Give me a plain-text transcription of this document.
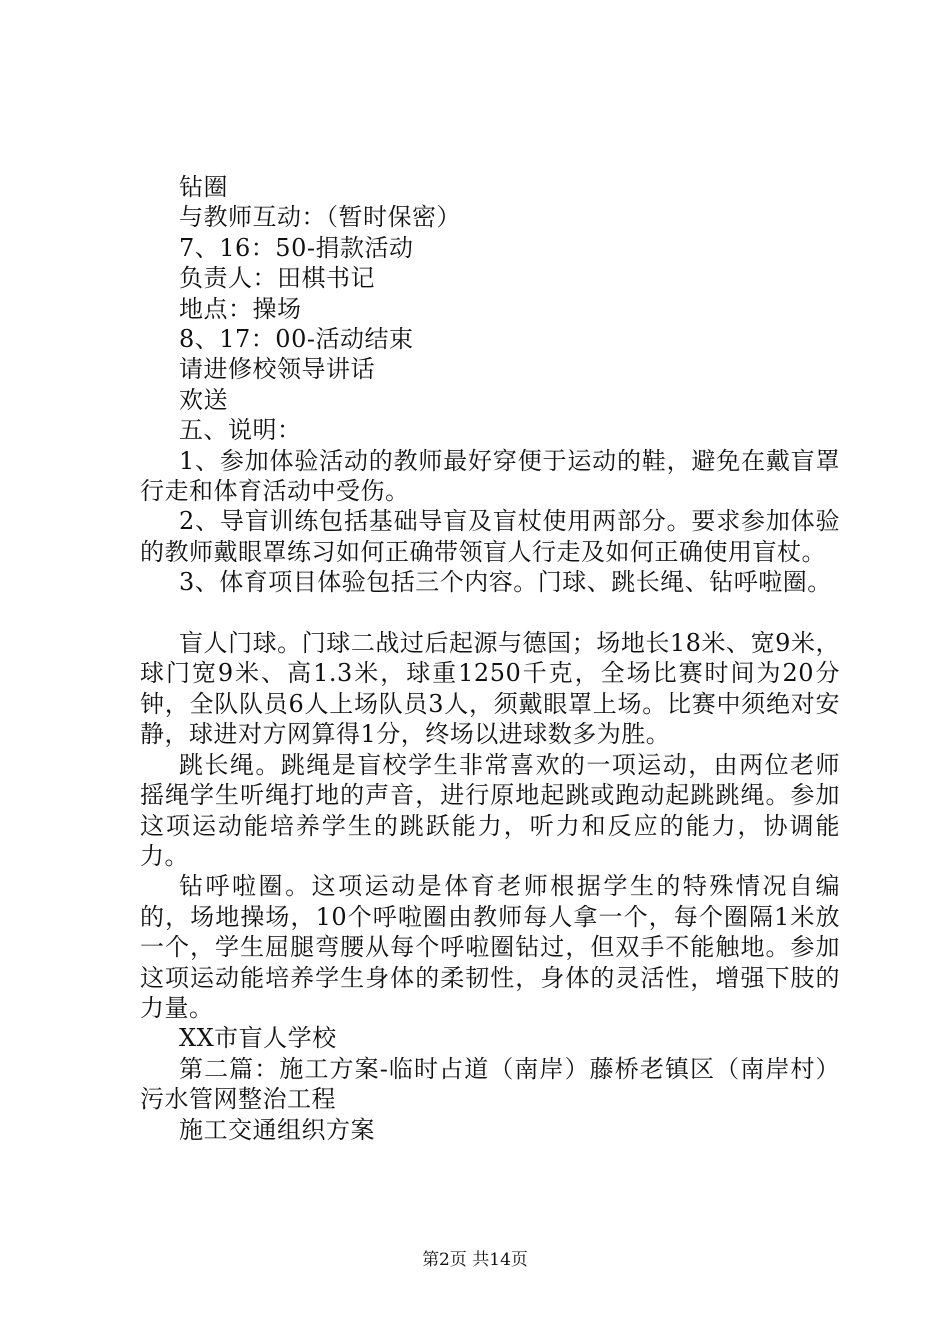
钻圈
与教师互动：（暂时保密）
7、16：50-捐款活动
负责人：田棋书记
地点：操场
8、17：00-活动结束
请进修校领导讲话
欢送
五、说明：

1、参加体验活动的教师最好穿便于运动的鞋，避免在戴盲罩行走和体育活动中受伤。

2、导盲训练包括基础导盲及盲杖使用两部分。要求参加体验的教师戴眼罩练习如何正确带领盲人行走及如何正确使用盲杖。

3、体育项目体验包括三个内容。门球、跳长绳、钻呼啦圈。

盲人门球。门球二战过后起源与德国；场地长18米、宽9米，球门宽9米、高1.3米，球重1250千克，全场比赛时间为20分钟，全队队员6人上场队员3人，须戴眼罩上场。比赛中须绝对安静，球进对方网算得1分，终场以进球数多为胜。

跳长绳。跳绳是盲校学生非常喜欢的一项运动，由两位老师摇绳学生听绳打地的声音，进行原地起跳或跑动起跳跳绳。参加这项运动能培养学生的跳跃能力，听力和反应的能力，协调能力。

钻呼啦圈。这项运动是体育老师根据学生的特殊情况自编的，场地操场，10个呼啦圈由教师每人拿一个，每个圈隔1米放一个，学生屈腿弯腰从每个呼啦圈钻过，但双手不能触地。参加这项运动能培养学生身体的柔韧性，身体的灵活性，增强下肢的力量。

XX市盲人学校

第二篇：施工方案-临时占道（南岸）藤桥老镇区（南岸村）污水管网整治工程

施工交通组织方案
第2页 共14页
